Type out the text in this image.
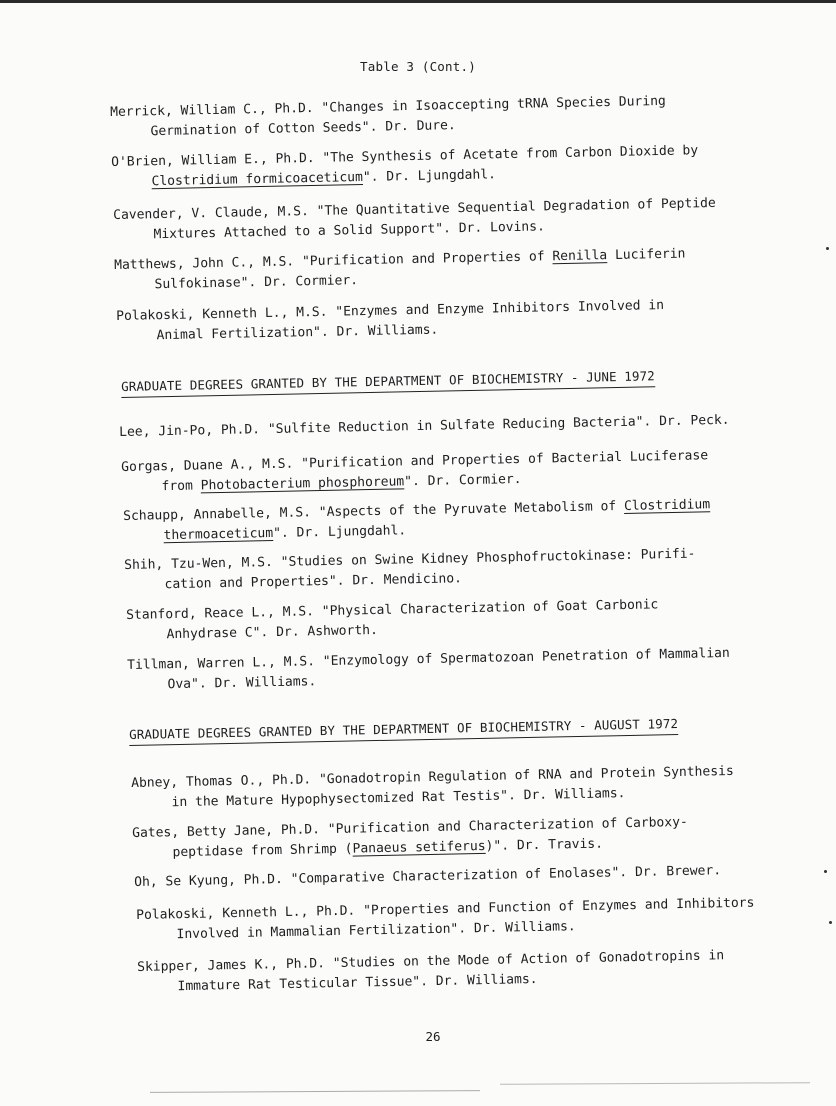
Table 3 (Cont.)
Merrick, William C., Ph.D. "Changes in Isoaccepting tRNA Species During
Germination of Cotton Seeds". Dr. Dure.
O'Brien, William E., Ph.D. "The Synthesis of Acetate from Carbon Dioxide by
Clostridium formicoaceticum". Dr. Ljungdahl.
Cavender, V. Claude, M.S. "The Quantitative Sequential Degradation of Peptide
Mixtures Attached to a Solid Support". Dr. Lovins.
Matthews, John C., M.S. "Purification and Properties of Renilla Luciferin
Sulfokinase". Dr. Cormier.
Polakoski, Kenneth L., M.S. "Enzymes and Enzyme Inhibitors Involved in
Animal Fertilization". Dr. Williams.
GRADUATE DEGREES GRANTED BY THE DEPARTMENT OF BIOCHEMISTRY - JUNE 1972
Lee, Jin-Po, Ph.D. "Sulfite Reduction in Sulfate Reducing Bacteria". Dr. Peck.
Gorgas, Duane A., M.S. "Purification and Properties of Bacterial Luciferase
from Photobacterium phosphoreum". Dr. Cormier.
Schaupp, Annabelle, M.S. "Aspects of the Pyruvate Metabolism of Clostridium
thermoaceticum". Dr. Ljungdahl.
Shih, Tzu-Wen, M.S. "Studies on Swine Kidney Phosphofructokinase: Purifi-
cation and Properties". Dr. Mendicino.
Stanford, Reace L., M.S. "Physical Characterization of Goat Carbonic
Anhydrase C". Dr. Ashworth.
Tillman, Warren L., M.S. "Enzymology of Spermatozoan Penetration of Mammalian
Ova". Dr. Williams.
GRADUATE DEGREES GRANTED BY THE DEPARTMENT OF BIOCHEMISTRY - AUGUST 1972
Abney, Thomas O., Ph.D. "Gonadotropin Regulation of RNA and Protein Synthesis
in the Mature Hypophysectomized Rat Testis". Dr. Williams.
Gates, Betty Jane, Ph.D. "Purification and Characterization of Carboxy-
peptidase from Shrimp (Panaeus setiferus)". Dr. Travis.
Oh, Se Kyung, Ph.D. "Comparative Characterization of Enolases". Dr. Brewer.
Polakoski, Kenneth L., Ph.D. "Properties and Function of Enzymes and Inhibitors
Involved in Mammalian Fertilization". Dr. Williams.
Skipper, James K., Ph.D. "Studies on the Mode of Action of Gonadotropins in
Immature Rat Testicular Tissue". Dr. Williams.
26
